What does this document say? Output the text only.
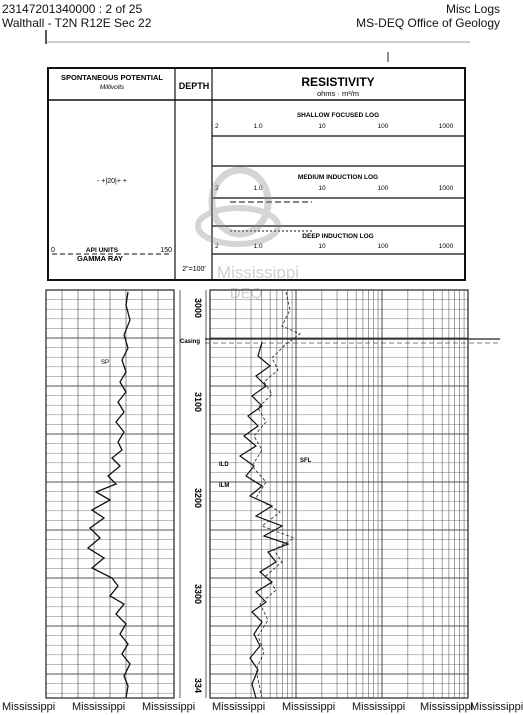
23147201340000 : 2 of 25
Walthall - T2N R12E Sec 22
Misc Logs
MS-DEQ Office of Geology
SPONTANEOUS POTENTIAL
Millivolts
- +|20|+ +
0	API UNITS	150
GAMMA RAY
DEPTH
2"=100'
RESISTIVITY
ohms · m²/m
SHALLOW FOCUSED LOG
2	1.0	10	100	1000
MEDIUM INDUCTION LOG
2	1.0	10	100	1000
DEEP INDUCTION LOG
2	1.0	10	100	1000
SP
Casing
ILD
ILM
SFL
3000
3100
3200
3300
334
Mississippi
DEQ
Mississippi Mississippi Mississippi Mississippi Mississippi Mississippi Mississippi
Mississippi
